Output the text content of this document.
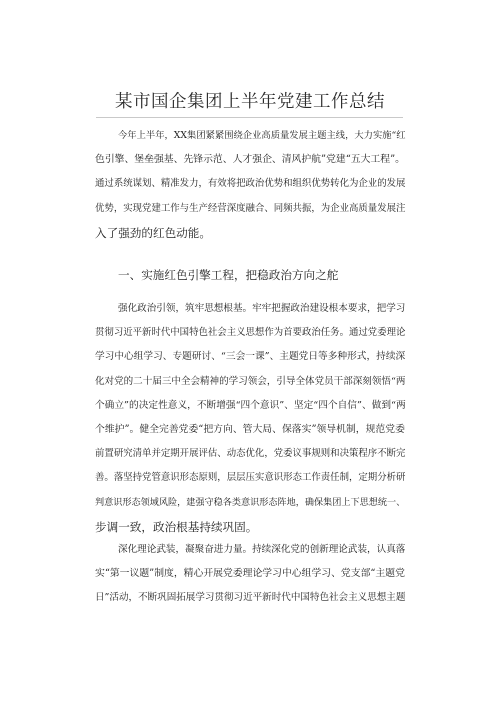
某市国企集团上半年党建工作总结
今年上半年，XX集团紧紧围绕企业高质量发展主题主线，大力实施“红
色引擎、堡垒强基、先锋示范、人才强企、清风护航”党建“五大工程”。
通过系统谋划、精准发力，有效将把政治优势和组织优势转化为企业的发展
优势，实现党建工作与生产经营深度融合、同频共振，为企业高质量发展注
入了强劲的红色动能。
一、实施红色引擎工程，把稳政治方向之舵
强化政治引领，筑牢思想根基。牢牢把握政治建设根本要求，把学习
贯彻习近平新时代中国特色社会主义思想作为首要政治任务。通过党委理论
学习中心组学习、专题研讨、“三会一课”、主题党日等多种形式，持续深
化对党的二十届三中全会精神的学习领会，引导全体党员干部深刻领悟“两
个确立”的决定性意义，不断增强“四个意识”、坚定“四个自信”、做到“两
个维护”。健全完善党委“把方向、管大局、保落实”领导机制，规范党委
前置研究清单并定期开展评估、动态优化，党委议事规则和决策程序不断完
善。落坚持党管意识形态原则，层层压实意识形态工作责任制，定期分析研
判意识形态领域风险，建强守稳各类意识形态阵地，确保集团上下思想统一、
步调一致，政治根基持续巩固。
深化理论武装，凝聚奋进力量。持续深化党的创新理论武装，认真落
实“第一议题”制度，精心开展党委理论学习中心组学习、党支部“主题党
日”活动，不断巩固拓展学习贯彻习近平新时代中国特色社会主义思想主题
